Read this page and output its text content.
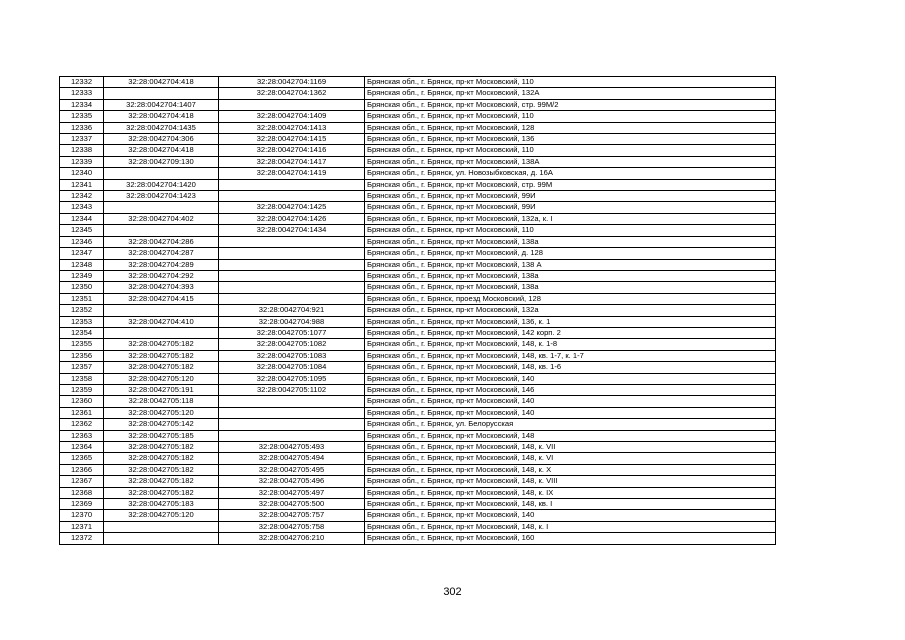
12332	32:28:0042704:418	32:28:0042704:1169	Брянская обл., г. Брянск, пр-кт Московский, 110
12333		32:28:0042704:1362	Брянская обл., г. Брянск, пр-кт Московский, 132А
12334	32:28:0042704:1407		Брянская обл., г. Брянск, пр-кт Московский, стр. 99М/2
12335	32:28:0042704:418	32:28:0042704:1409	Брянская обл., г. Брянск, пр-кт Московский, 110
12336	32:28:0042704:1435	32:28:0042704:1413	Брянская обл., г. Брянск, пр-кт Московский, 128
12337	32:28:0042704:306	32:28:0042704:1415	Брянская обл., г. Брянск, пр-кт Московский, 136
12338	32:28:0042704:418	32:28:0042704:1416	Брянская обл., г. Брянск, пр-кт Московский, 110
12339	32:28:0042709:130	32:28:0042704:1417	Брянская обл., г. Брянск, пр-кт Московский, 138А
12340		32:28:0042704:1419	Брянская обл., г. Брянск, ул. Новозыбковская, д. 16А
12341	32:28:0042704:1420		Брянская обл., г. Брянск, пр-кт Московский, стр. 99М
12342	32:28:0042704:1423		Брянская обл., г. Брянск, пр-кт Московский, 99И
12343		32:28:0042704:1425	Брянская обл., г. Брянск, пр-кт Московский, 99И
12344	32:28:0042704:402	32:28:0042704:1426	Брянская обл., г. Брянск, пр-кт Московский, 132а, к. I
12345		32:28:0042704:1434	Брянская обл., г. Брянск, пр-кт Московский, 110
12346	32:28:0042704:286		Брянская обл., г. Брянск, пр-кт Московский, 138а
12347	32:28:0042704:287		Брянская обл., г. Брянск, пр-кт Московский, д. 128
12348	32:28:0042704:289		Брянская обл., г. Брянск, пр-кт Московский, 138 А
12349	32:28:0042704:292		Брянская обл., г. Брянск, пр-кт Московский, 138а
12350	32:28:0042704:393		Брянская обл., г. Брянск, пр-кт Московский, 138а
12351	32:28:0042704:415		Брянская обл., г. Брянск, проезд Московский, 128
12352		32:28:0042704:921	Брянская обл., г. Брянск, пр-кт Московский, 132а
12353	32:28:0042704:410	32:28:0042704:988	Брянская обл., г. Брянск, пр-кт Московский, 136, к. 1
12354		32:28:0042705:1077	Брянская обл., г. Брянск, пр-кт Московский, 142 корп. 2
12355	32:28:0042705:182	32:28:0042705:1082	Брянская обл., г. Брянск, пр-кт Московский, 148, к. 1-8
12356	32:28:0042705:182	32:28:0042705:1083	Брянская обл., г. Брянск, пр-кт Московский, 148, кв. 1-7, к. 1-7
12357	32:28:0042705:182	32:28:0042705:1084	Брянская обл., г. Брянск, пр-кт Московский, 148, кв. 1-6
12358	32:28:0042705:120	32:28:0042705:1095	Брянская обл., г. Брянск, пр-кт Московский, 140
12359	32:28:0042705:191	32:28:0042705:1102	Брянская обл., г. Брянск, пр-кт Московский, 146
12360	32:28:0042705:118		Брянская обл., г. Брянск, пр-кт Московский, 140
12361	32:28:0042705:120		Брянская обл., г. Брянск, пр-кт Московский, 140
12362	32:28:0042705:142		Брянская обл., г. Брянск, ул. Белорусская
12363	32:28:0042705:185		Брянская обл., г. Брянск, пр-кт Московский, 148
12364	32:28:0042705:182	32:28:0042705:493	Брянская обл., г. Брянск, пр-кт Московский, 148, к. VII
12365	32:28:0042705:182	32:28:0042705:494	Брянская обл., г. Брянск, пр-кт Московский, 148, к. VI
12366	32:28:0042705:182	32:28:0042705:495	Брянская обл., г. Брянск, пр-кт Московский, 148, к. X
12367	32:28:0042705:182	32:28:0042705:496	Брянская обл., г. Брянск, пр-кт Московский, 148, к. VIII
12368	32:28:0042705:182	32:28:0042705:497	Брянская обл., г. Брянск, пр-кт Московский, 148, к. IX
12369	32:28:0042705:183	32:28:0042705:500	Брянская обл., г. Брянск, пр-кт Московский, 148, кв. I
12370	32:28:0042705:120	32:28:0042705:757	Брянская обл., г. Брянск, пр-кт Московский, 140
12371		32:28:0042705:758	Брянская обл., г. Брянск, пр-кт Московский, 148, к. I
12372		32:28:0042706:210	Брянская обл., г. Брянск, пр-кт Московский, 160
302
